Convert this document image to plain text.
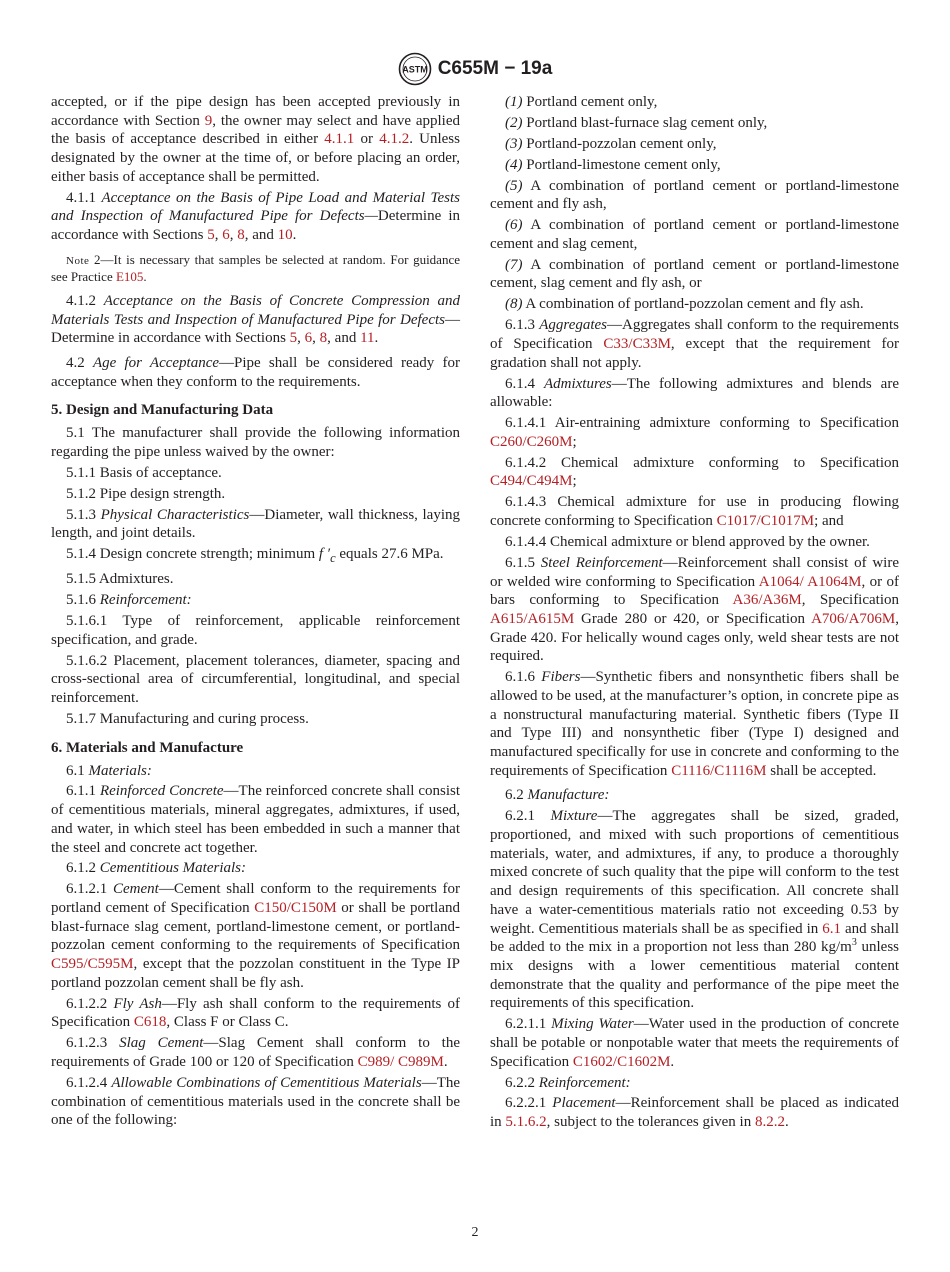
ASTM C655M − 19a

accepted, or if the pipe design has been accepted previously in accordance with Section 9, the owner may select and have applied the basis of acceptance described in either 4.1.1 or 4.1.2. Unless designated by the owner at the time of, or before placing an order, either basis of acceptance shall be permitted.

4.1.1 Acceptance on the Basis of Pipe Load and Material Tests and Inspection of Manufactured Pipe for Defects—Determine in accordance with Sections 5, 6, 8, and 10.

Note 2—It is necessary that samples be selected at random. For guidance see Practice E105.

4.1.2 Acceptance on the Basis of Concrete Compression and Materials Tests and Inspection of Manufactured Pipe for Defects—Determine in accordance with Sections 5, 6, 8, and 11.

4.2 Age for Acceptance—Pipe shall be considered ready for acceptance when they conform to the requirements.

5. Design and Manufacturing Data

5.1 The manufacturer shall provide the following information regarding the pipe unless waived by the owner:

5.1.1 Basis of acceptance.

5.1.2 Pipe design strength.

5.1.3 Physical Characteristics—Diameter, wall thickness, laying length, and joint details.

5.1.4 Design concrete strength; minimum f $'_c$ equals 27.6 MPa.

5.1.5 Admixtures.

5.1.6 Reinforcement:

5.1.6.1 Type of reinforcement, applicable reinforcement specification, and grade.

5.1.6.2 Placement, placement tolerances, diameter, spacing and cross-sectional area of circumferential, longitudinal, and special reinforcement.

5.1.7 Manufacturing and curing process.

6. Materials and Manufacture

6.1 Materials:

6.1.1 Reinforced Concrete—The reinforced concrete shall consist of cementitious materials, mineral aggregates, admixtures, if used, and water, in which steel has been embedded in such a manner that the steel and concrete act together.

6.1.2 Cementitious Materials:

6.1.2.1 Cement—Cement shall conform to the requirements for portland cement of Specification C150/C150M or shall be portland blast-furnace slag cement, portland-limestone cement, or portland-pozzolan cement conforming to the requirements of Specification C595/C595M, except that the pozzolan constituent in the Type IP portland pozzolan cement shall be fly ash.

6.1.2.2 Fly Ash—Fly ash shall conform to the requirements of Specification C618, Class F or Class C.

6.1.2.3 Slag Cement—Slag Cement shall conform to the requirements of Grade 100 or 120 of Specification C989/ C989M.

6.1.2.4 Allowable Combinations of Cementitious Materials—The combination of cementitious materials used in the concrete shall be one of the following:

(1) Portland cement only,

(2) Portland blast-furnace slag cement only,

(3) Portland-pozzolan cement only,

(4) Portland-limestone cement only,

(5) A combination of portland cement or portland-limestone cement and fly ash,

(6) A combination of portland cement or portland-limestone cement and slag cement,

(7) A combination of portland cement or portland-limestone cement, slag cement and fly ash, or

(8) A combination of portland-pozzolan cement and fly ash.

6.1.3 Aggregates—Aggregates shall conform to the requirements of Specification C33/C33M, except that the requirement for gradation shall not apply.

6.1.4 Admixtures—The following admixtures and blends are allowable:

6.1.4.1 Air-entraining admixture conforming to Specification C260/C260M;

6.1.4.2 Chemical admixture conforming to Specification C494/C494M;

6.1.4.3 Chemical admixture for use in producing flowing concrete conforming to Specification C1017/C1017M; and

6.1.4.4 Chemical admixture or blend approved by the owner.

6.1.5 Steel Reinforcement—Reinforcement shall consist of wire or welded wire conforming to Specification A1064/ A1064M, or of bars conforming to Specification A36/A36M, Specification A615/A615M Grade 280 or 420, or Specification A706/A706M, Grade 420. For helically wound cages only, weld shear tests are not required.

6.1.6 Fibers—Synthetic fibers and nonsynthetic fibers shall be allowed to be used, at the manufacturer’s option, in concrete pipe as a nonstructural manufacturing material. Synthetic fibers (Type II and Type III) and nonsynthetic fiber (Type I) designed and manufactured specifically for use in concrete and conforming to the requirements of Specification C1116/C1116M shall be accepted.

6.2 Manufacture:

6.2.1 Mixture—The aggregates shall be sized, graded, proportioned, and mixed with such proportions of cementitious materials, water, and admixtures, if any, to produce a thoroughly mixed concrete of such quality that the pipe will conform to the test and design requirements of this specification. All concrete shall have a water-cementitious materials ratio not exceeding 0.53 by weight. Cementitious materials shall be as specified in 6.1 and shall be added to the mix in a proportion not less than 280 $kg/m^3$ unless mix designs with a lower cementitious material content demonstrate that the quality and performance of the pipe meet the requirements of this specification.

6.2.1.1 Mixing Water—Water used in the production of concrete shall be potable or nonpotable water that meets the requirements of Specification C1602/C1602M.

6.2.2 Reinforcement:

6.2.2.1 Placement—Reinforcement shall be placed as indicated in 5.1.6.2, subject to the tolerances given in 8.2.2.

2
